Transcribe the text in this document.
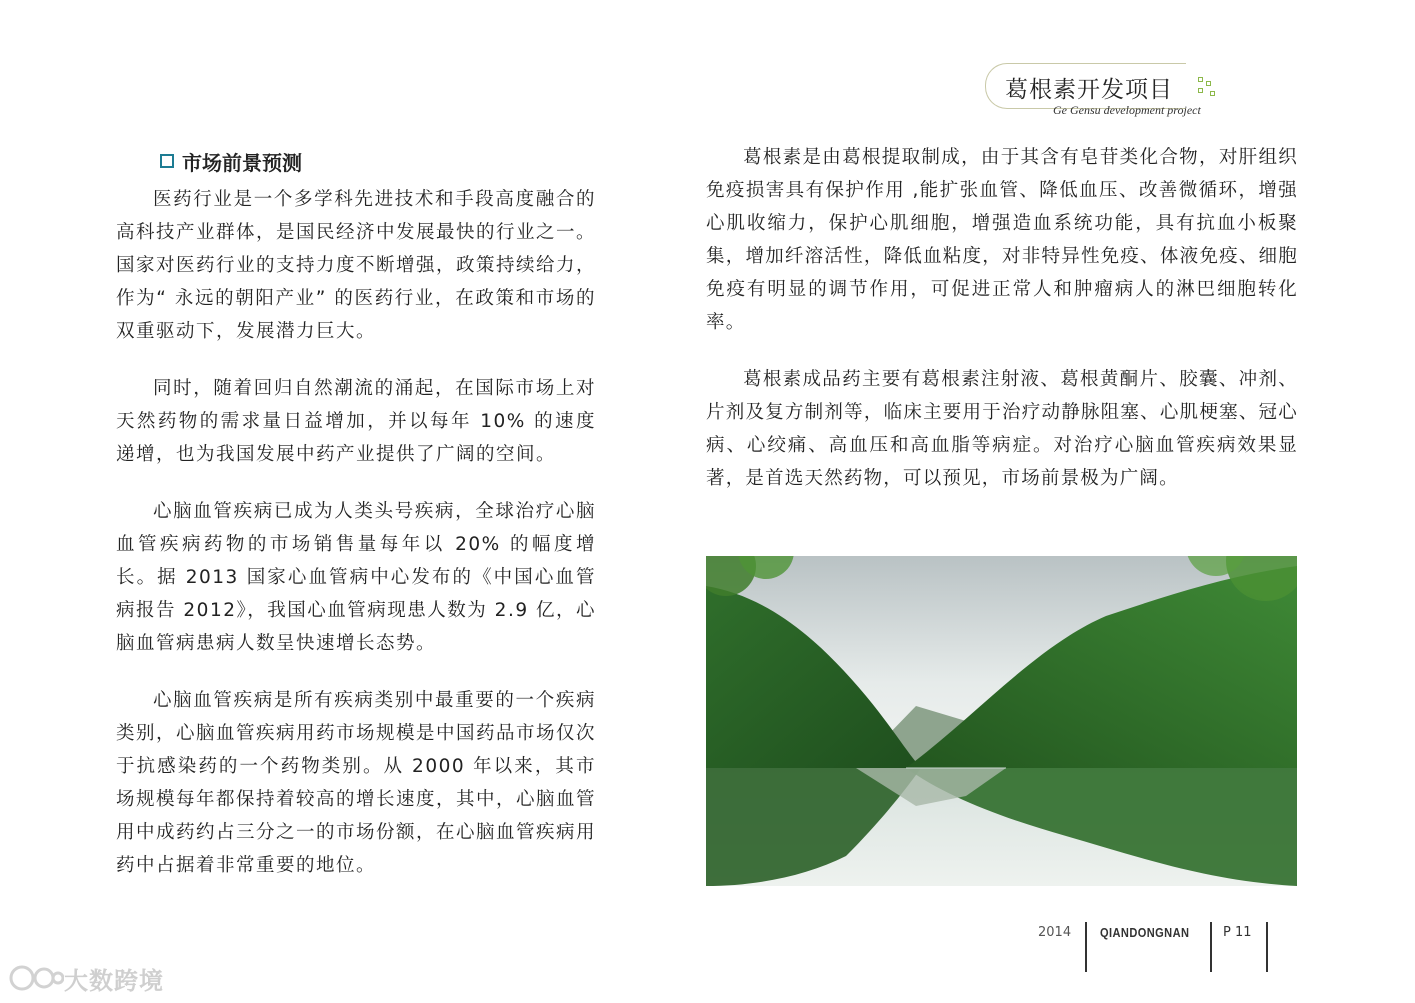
葛根素开发项目
Ge Gensu development project
市场前景预测

医药行业是一个多学科先进技术和手段高度融合的高科技产业群体，是国民经济中发展最快的行业之一。国家对医药行业的支持力度不断增强，政策持续给力，作为“ 永远的朝阳产业” 的医药行业，在政策和市场的双重驱动下，发展潜力巨大。

同时，随着回归自然潮流的涌起，在国际市场上对天然药物的需求量日益增加，并以每年 10% 的速度递增，也为我国发展中药产业提供了广阔的空间。

心脑血管疾病已成为人类头号疾病，全球治疗心脑血管疾病药物的市场销售量每年以 20% 的幅度增长。据 2013 国家心血管病中心发布的《中国心血管病报告 2012》，我国心血管病现患人数为 2.9 亿，心脑血管病患病人数呈快速增长态势。

心脑血管疾病是所有疾病类别中最重要的一个疾病类别，心脑血管疾病用药市场规模是中国药品市场仅次于抗感染药的一个药物类别。从 2000 年以来，其市场规模每年都保持着较高的增长速度，其中，心脑血管用中成药约占三分之一的市场份额，在心脑血管疾病用药中占据着非常重要的地位。

葛根素是由葛根提取制成，由于其含有皂苷类化合物，对肝组织免疫损害具有保护作用 ,能扩张血管、降低血压、改善微循环，增强心肌收缩力，保护心肌细胞，增强造血系统功能，具有抗血小板聚集，增加纤溶活性，降低血粘度，对非特异性免疫、体液免疫、细胞免疫有明显的调节作用，可促进正常人和肿瘤病人的淋巴细胞转化率。

葛根素成品药主要有葛根素注射液、葛根黄酮片、胶囊、冲剂、片剂及复方制剂等，临床主要用于治疗动静脉阻塞、心肌梗塞、冠心病、心绞痛、高血压和高血脂等病症。对治疗心脑血管疾病效果显著，是首选天然药物，可以预见，市场前景极为广阔。

2014 QIANDONGNAN	P 11
大数跨境
